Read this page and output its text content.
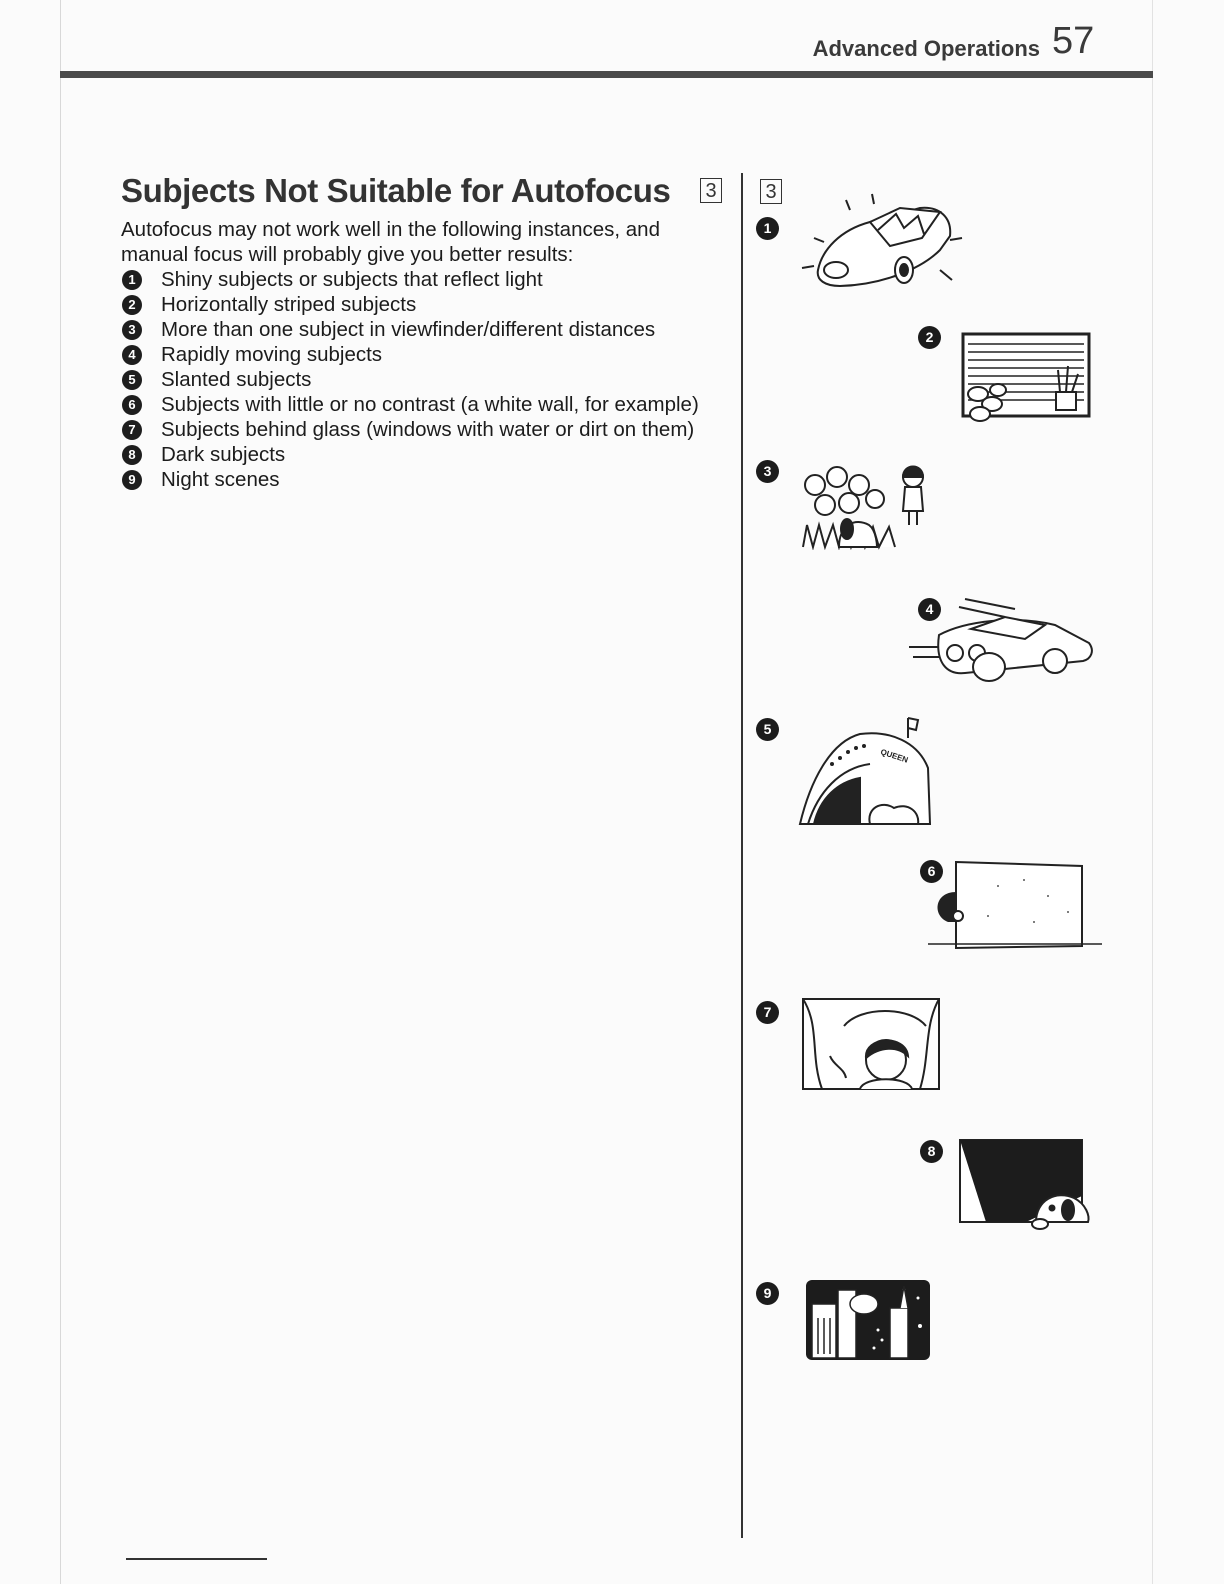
Advanced Operations 57
Subjects Not Suitable for Autofocus 3
Autofocus may not work well in the following instances, and manual focus will probably give you better results:
1	Shiny subjects or subjects that reflect light
2	Horizontally striped subjects
3	More than one subject in viewfinder/different distances
4	Rapidly moving subjects
5	Slanted subjects
6	Subjects with little or no contrast (a white wall, for example)
7	Subjects behind glass (windows with water or dirt on them)
8	Dark subjects
9	Night scenes
3
1
2
3
4
5
QUEEN
6
7
8
9
